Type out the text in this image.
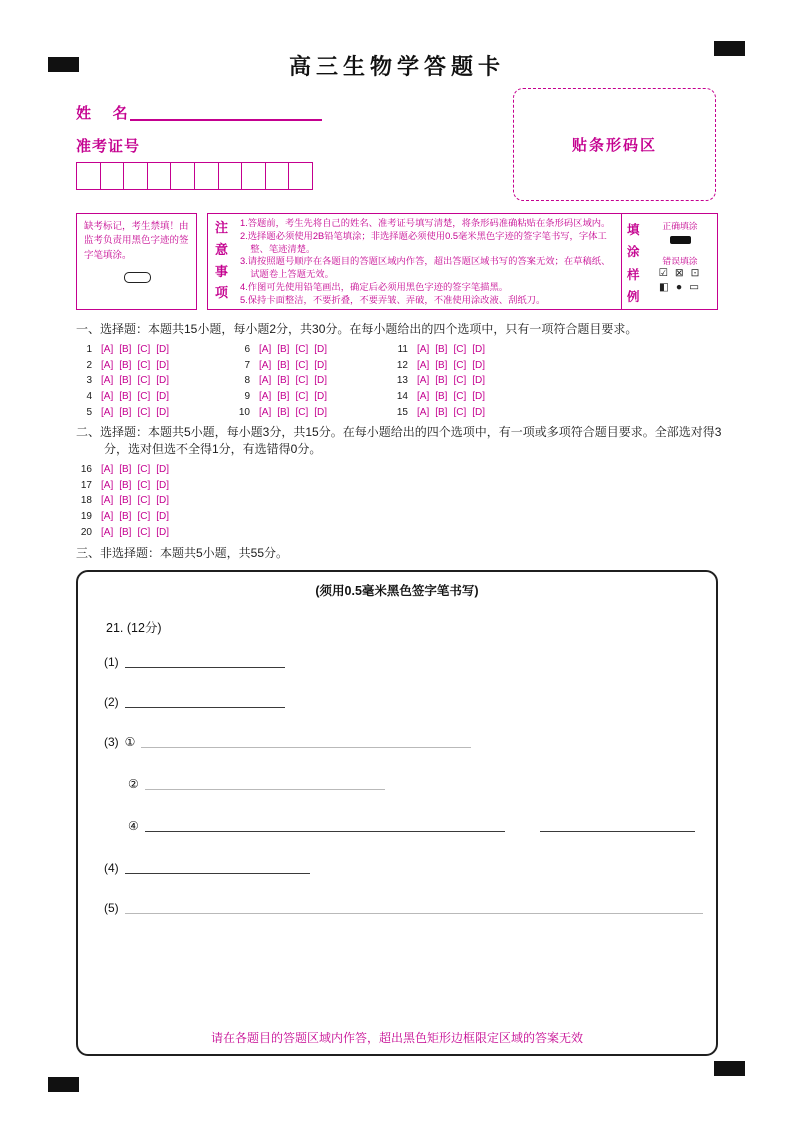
高三生物学答题卡
姓    名
准考证号	贴条形码区
缺考标记，考生禁填！由监考负责用黑色字迹的签字笔填涂。
注意事项
1.答题前，考生先将自己的姓名、准考证号填写清楚，将条形码准确粘贴在条形码区域内。
2.选择题必须使用2B铅笔填涂；非选择题必须使用0.5毫米黑色字迹的签字笔书写，字体工整、笔迹清楚。
3.请按照题号顺序在各题目的答题区域内作答，超出答题区域书写的答案无效；在草稿纸、试题卷上答题无效。
4.作图可先使用铅笔画出，确定后必须用黑色字迹的签字笔描黑。
5.保持卡面整洁，不要折叠，不要弄皱、弄破，不准使用涂改液、刮纸刀。
填涂样例
正确填涂
错误填涂
☑ ⊠ ⊡
◧ ● ▭
一、选择题：本题共15小题，每小题2分，共30分。在每小题给出的四个选项中，只有一项符合题目要求。
1 [A] [B] [C] [D]
2 [A] [B] [C] [D]
3 [A] [B] [C] [D]
4 [A] [B] [C] [D]
5 [A] [B] [C] [D]
6 [A] [B] [C] [D]
7 [A] [B] [C] [D]
8 [A] [B] [C] [D]
9 [A] [B] [C] [D]
10 [A] [B] [C] [D]
11 [A] [B] [C] [D]
12 [A] [B] [C] [D]
13 [A] [B] [C] [D]
14 [A] [B] [C] [D]
15 [A] [B] [C] [D]
二、选择题：本题共5小题，每小题3分，共15分。在每小题给出的四个选项中，有一项或多项符合题目要求。全部选对得3
分，选对但选不全得1分，有选错得0分。
16 [A] [B] [C] [D]
17 [A] [B] [C] [D]
18 [A] [B] [C] [D]
19 [A] [B] [C] [D]
20 [A] [B] [C] [D]
三、非选择题：本题共5小题，共55分。
(须用0.5毫米黑色签字笔书写)
21. (12分)
(1)
(2)
(3) ①
②
④
(4)
(5)
请在各题目的答题区域内作答，超出黑色矩形边框限定区域的答案无效
